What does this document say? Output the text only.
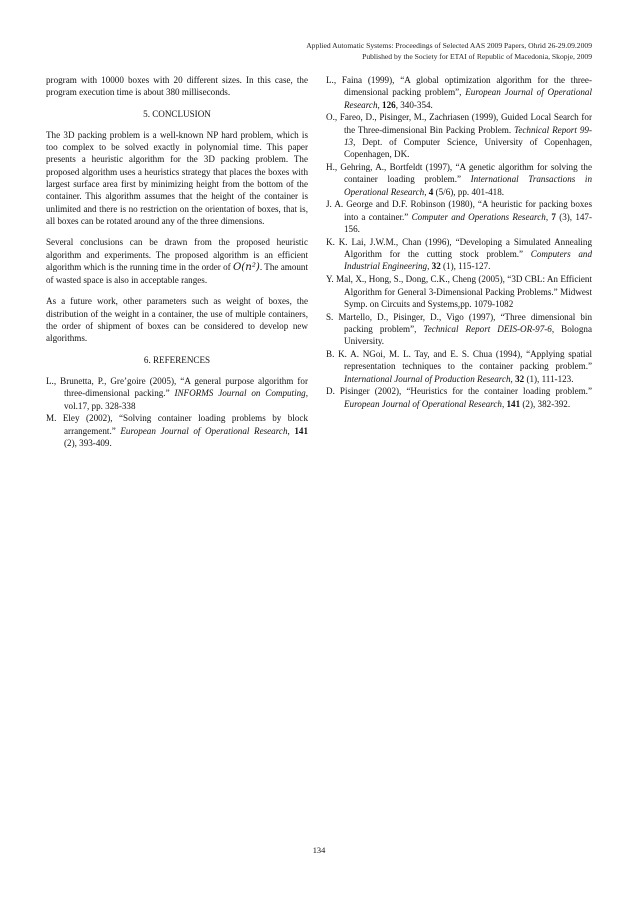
Applied Automatic Systems: Proceedings of Selected AAS 2009 Papers, Ohrid 26-29.09.2009
Published by the Society for ETAI of Republic of Macedonia, Skopje, 2009

program with 10000 boxes with 20 different sizes. In this case, the program execution time is about 380 milliseconds.

5. CONCLUSION

The 3D packing problem is a well-known NP hard problem, which is too complex to be solved exactly in polynomial time. This paper presents a heuristic algorithm for the 3D packing problem. The proposed algorithm uses a heuristics strategy that places the boxes with largest surface area first by minimizing height from the bottom of the container. This algorithm assumes that the height of the container is unlimited and there is no restriction on the orientation of boxes, that is, all boxes can be rotated around any of the three dimensions.

Several conclusions can be drawn from the proposed heuristic algorithm and experiments. The proposed algorithm is an efficient algorithm which is the running time in the order of O(n²). The amount of wasted space is also in acceptable ranges.

As a future work, other parameters such as weight of boxes, the distribution of the weight in a container, the use of multiple containers, the order of shipment of boxes can be considered to develop new algorithms.

6. REFERENCES
L., Brunetta, P., Gre’goire (2005), “A general purpose algorithm for three-dimensional packing.” INFORMS Journal on Computing, vol.17, pp. 328-338
M. Eley (2002), “Solving container loading problems by block arrangement.” European Journal of Operational Research, 141 (2), 393-409.
L., Faina (1999), “A global optimization algorithm for the three-dimensional packing problem”, European Journal of Operational Research, 126, 340-354.
O., Fareo, D., Pisinger, M., Zachriasen (1999), Guided Local Search for the Three-dimensional Bin Packing Problem. Technical Report 99-13, Dept. of Computer Science, University of Copenhagen, Copenhagen, DK.
H., Gehring, A., Bortfeldt (1997), “A genetic algorithm for solving the container loading problem.” International Transactions in Operational Research, 4 (5/6), pp. 401-418.
J. A. George and D.F. Robinson (1980), “A heuristic for packing boxes into a container.” Computer and Operations Research, 7 (3), 147-156.
K. K. Lai, J.W.M., Chan (1996), “Developing a Simulated Annealing Algorithm for the cutting stock problem.” Computers and Industrial Engineering, 32 (1), 115-127.
Y. Mal, X., Hong, S., Dong, C.K., Cheng (2005), “3D CBL: An Efficient Algorithm for General 3-Dimensional Packing Problems.” Midwest Symp. on Circuits and Systems,pp. 1079-1082
S. Martello, D., Pisinger, D., Vigo (1997), “Three dimensional bin packing problem”, Technical Report DEIS-OR-97-6, Bologna University.
B. K. A. NGoi, M. L. Tay, and E. S. Chua (1994), “Applying spatial representation techniques to the container packing problem.” International Journal of Production Research, 32 (1), 111-123.
D. Pisinger (2002), “Heuristics for the container loading problem.” European Journal of Operational Research, 141 (2), 382-392.
134
